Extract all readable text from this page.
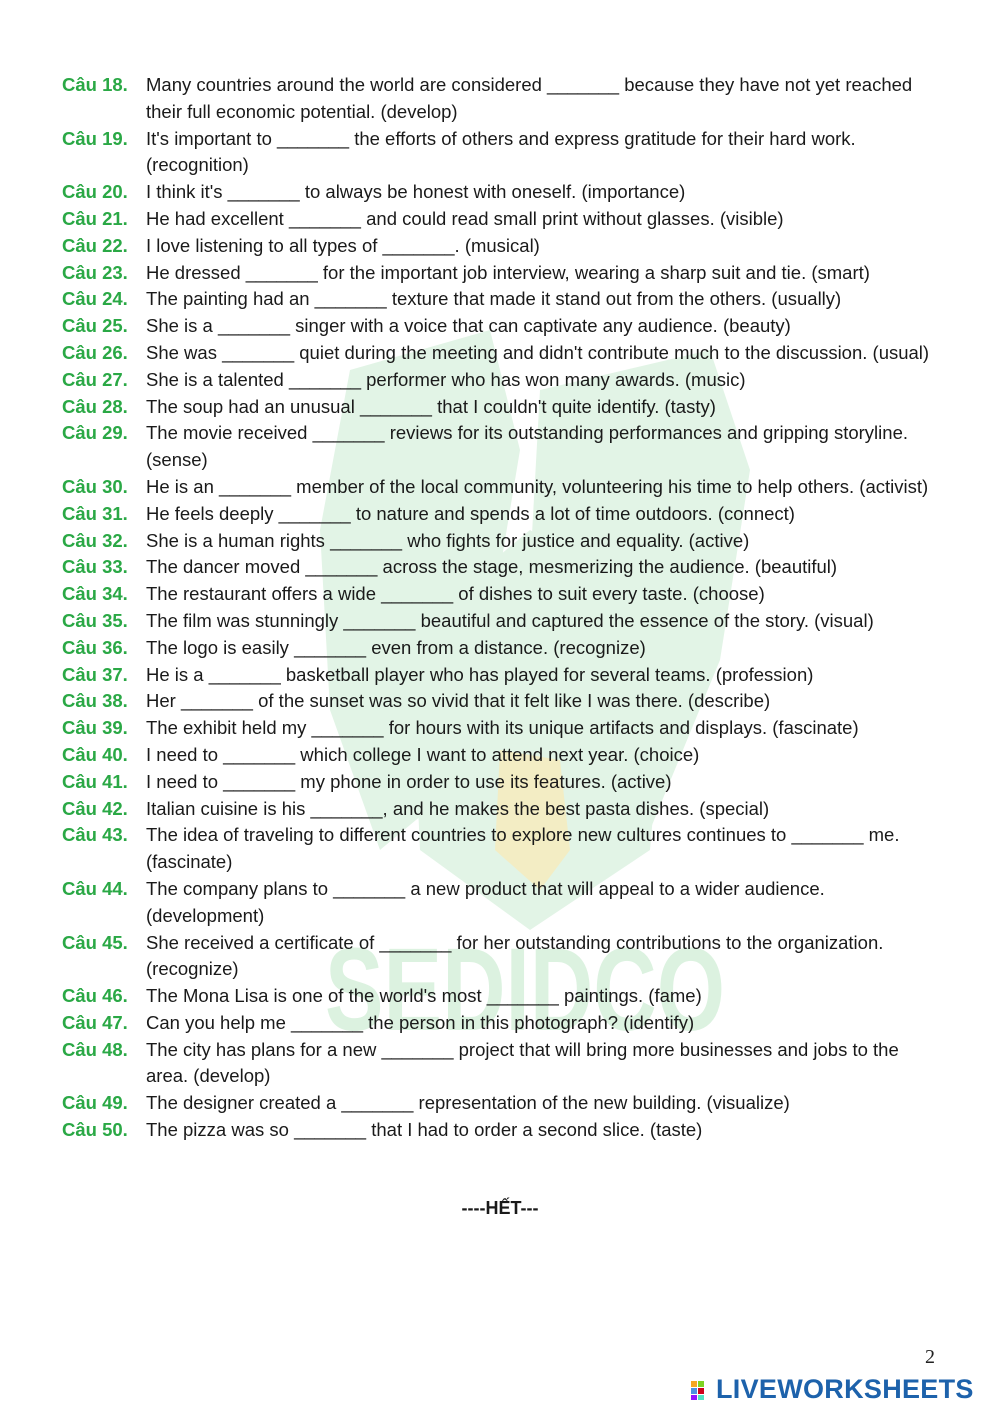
SEDIDCO
Câu 18. Many countries around the world are considered _______ because they have not yet reached their full economic potential. (develop)
Câu 19. It's important to _______ the efforts of others and express gratitude for their hard work. (recognition)
Câu 20. I think it's _______ to always be honest with oneself. (importance)
Câu 21. He had excellent _______ and could read small print without glasses. (visible)
Câu 22. I love listening to all types of _______. (musical)
Câu 23. He dressed _______ for the important job interview, wearing a sharp suit and tie. (smart)
Câu 24. The painting had an _______ texture that made it stand out from the others. (usually)
Câu 25. She is a _______ singer with a voice that can captivate any audience. (beauty)
Câu 26. She was _______ quiet during the meeting and didn't contribute much to the discussion. (usual)
Câu 27. She is a talented _______ performer who has won many awards. (music)
Câu 28. The soup had an unusual _______ that I couldn't quite identify. (tasty)
Câu 29. The movie received _______ reviews for its outstanding performances and gripping storyline. (sense)
Câu 30. He is an _______ member of the local community, volunteering his time to help others. (activist)
Câu 31. He feels deeply _______ to nature and spends a lot of time outdoors. (connect)
Câu 32. She is a human rights _______ who fights for justice and equality. (active)
Câu 33. The dancer moved _______ across the stage, mesmerizing the audience. (beautiful)
Câu 34. The restaurant offers a wide _______ of dishes to suit every taste. (choose)
Câu 35. The film was stunningly _______ beautiful and captured the essence of the story. (visual)
Câu 36. The logo is easily _______ even from a distance. (recognize)
Câu 37. He is a _______ basketball player who has played for several teams. (profession)
Câu 38. Her _______ of the sunset was so vivid that it felt like I was there. (describe)
Câu 39. The exhibit held my _______ for hours with its unique artifacts and displays. (fascinate)
Câu 40. I need to _______ which college I want to attend next year. (choice)
Câu 41. I need to _______ my phone in order to use its features. (active)
Câu 42. Italian cuisine is his _______, and he makes the best pasta dishes. (special)
Câu 43. The idea of traveling to different countries to explore new cultures continues to _______ me. (fascinate)
Câu 44. The company plans to _______ a new product that will appeal to a wider audience. (development)
Câu 45. She received a certificate of _______ for her outstanding contributions to the organization. (recognize)
Câu 46. The Mona Lisa is one of the world's most _______ paintings. (fame)
Câu 47. Can you help me _______ the person in this photograph? (identify)
Câu 48. The city has plans for a new _______ project that will bring more businesses and jobs to the area. (develop)
Câu 49. The designer created a _______ representation of the new building. (visualize)
Câu 50. The pizza was so _______ that I had to order a second slice. (taste)
----HẾT---
2
LIVEWORKSHEETS
